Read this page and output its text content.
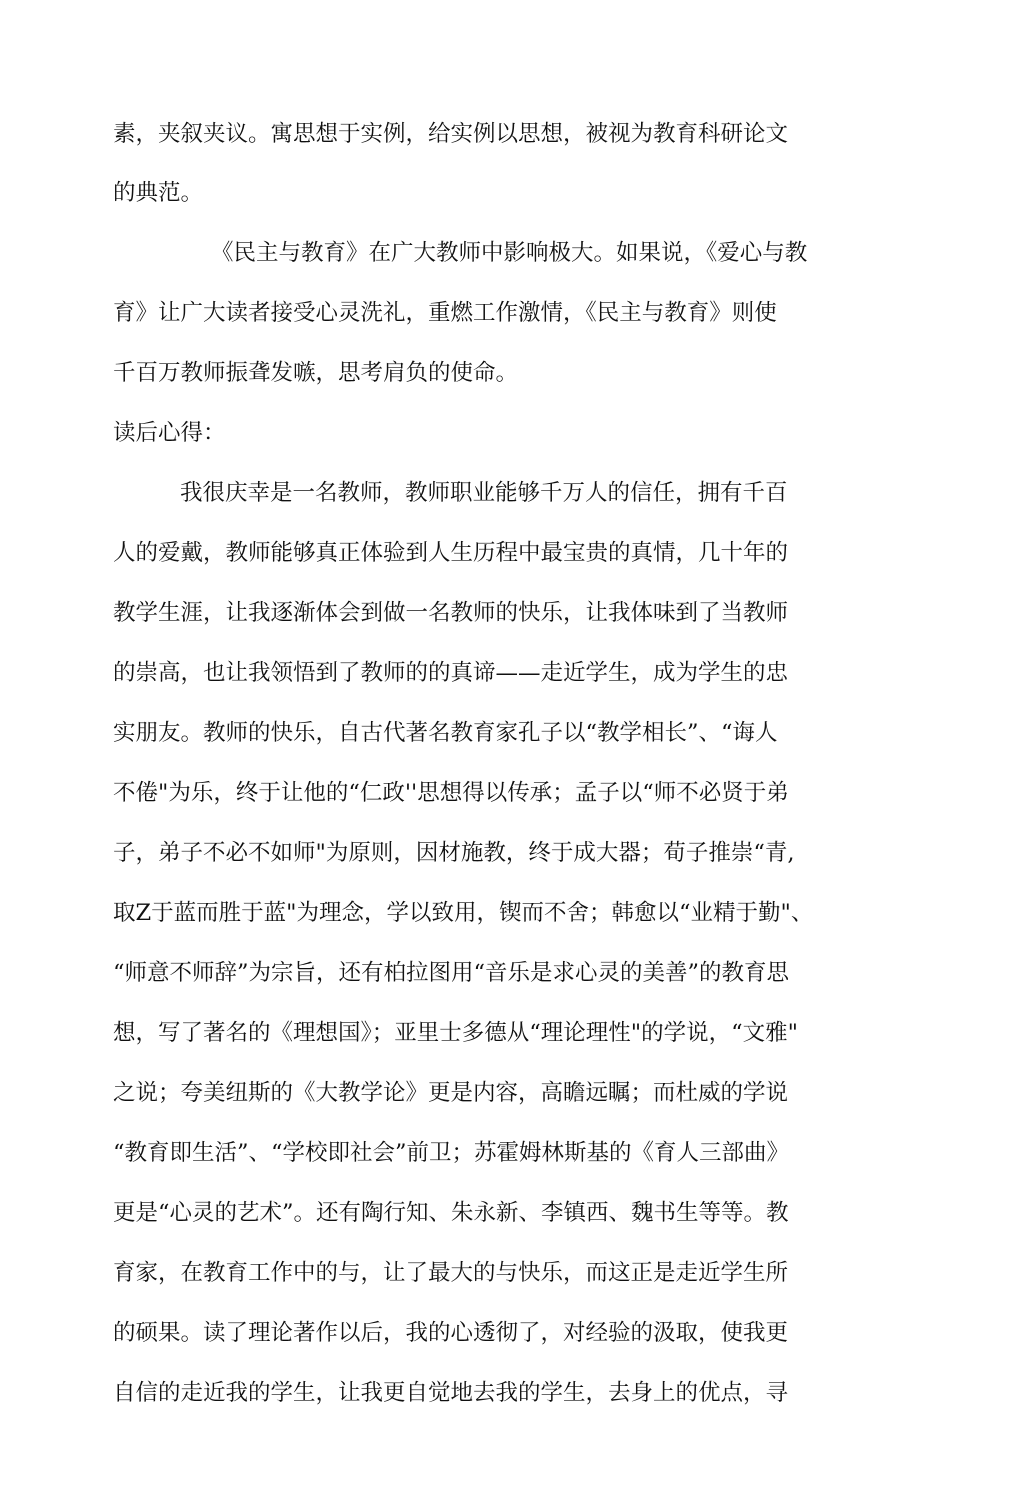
素，夹叙夹议。寓思想于实例，给实例以思想，被视为教育科研论文
的典范。
《民主与教育》在广大教师中影响极大。如果说，《爱心与教
育》让广大读者接受心灵洗礼，重燃工作激情，《民主与教育》则使
千百万教师振聋发嗾，思考肩负的使命。
读后心得：
我很庆幸是一名教师，教师职业能够千万人的信任，拥有千百
人的爱戴，教师能够真正体验到人生历程中最宝贵的真情，几十年的
教学生涯，让我逐渐体会到做一名教师的快乐，让我体味到了当教师
的崇高，也让我领悟到了教师的的真谛——走近学生，成为学生的忠
实朋友。教师的快乐，自古代著名教育家孔子以“教学相长”、“诲人
不倦"为乐，终于让他的“仁政''思想得以传承；孟子以“师不必贤于弟
子，弟子不必不如师"为原则，因材施教，终于成大器；荀子推崇“青,
取Z于蓝而胜于蓝"为理念，学以致用，锲而不舍；韩愈以“业精于勤"、
“师意不师辞”为宗旨，还有柏拉图用“音乐是求心灵的美善”的教育思
想，写了著名的《理想国》；亚里士多德从“理论理性"的学说，“文雅"
之说；夸美纽斯的《大教学论》更是内容，高瞻远瞩；而杜威的学说
“教育即生活”、“学校即社会”前卫；苏霍姆林斯基的《育人三部曲》
更是“心灵的艺术”。还有陶行知、朱永新、李镇西、魏书生等等。教
育家，在教育工作中的与，让了最大的与快乐，而这正是走近学生所
的硕果。读了理论著作以后，我的心透彻了，对经验的汲取，使我更
自信的走近我的学生，让我更自觉地去我的学生，去身上的优点，寻
